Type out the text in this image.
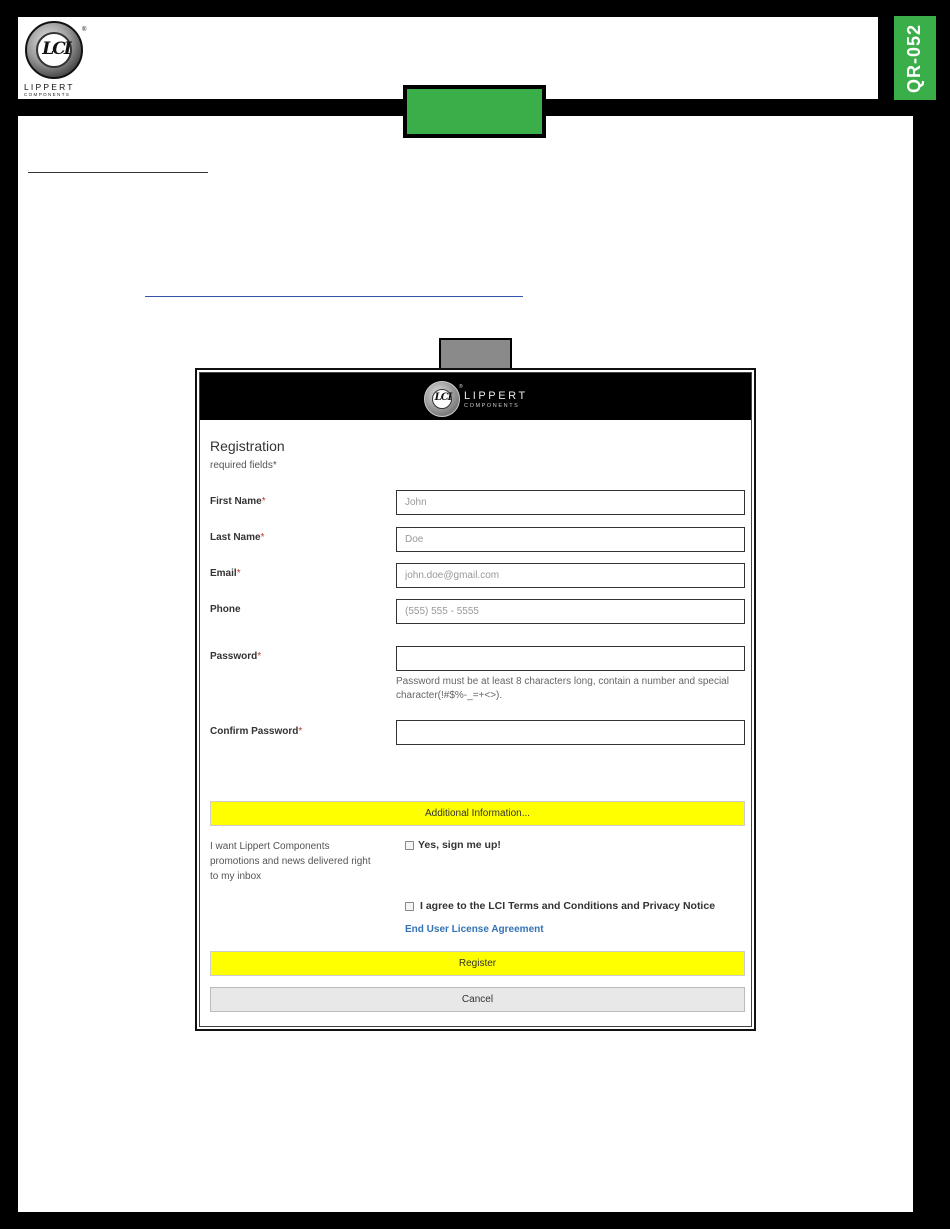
LCI
®
LIPPERT
COMPONENTS
QR-052
LCI
®
LIPPERT
COMPONENTS
Registration
required fields*
First Name*
John
Last Name*
Doe
Email*
john.doe@gmail.com
Phone
(555) 555 - 5555
Password*
Password must be at least 8 characters long, contain a number and special character(!#$%-_=+<>).
Confirm Password*
Additional Information...
I want Lippert Components promotions and news delivered right to my inbox
Yes, sign me up!
I agree to the LCI Terms and Conditions and Privacy Notice
End User License Agreement
Register
Cancel
